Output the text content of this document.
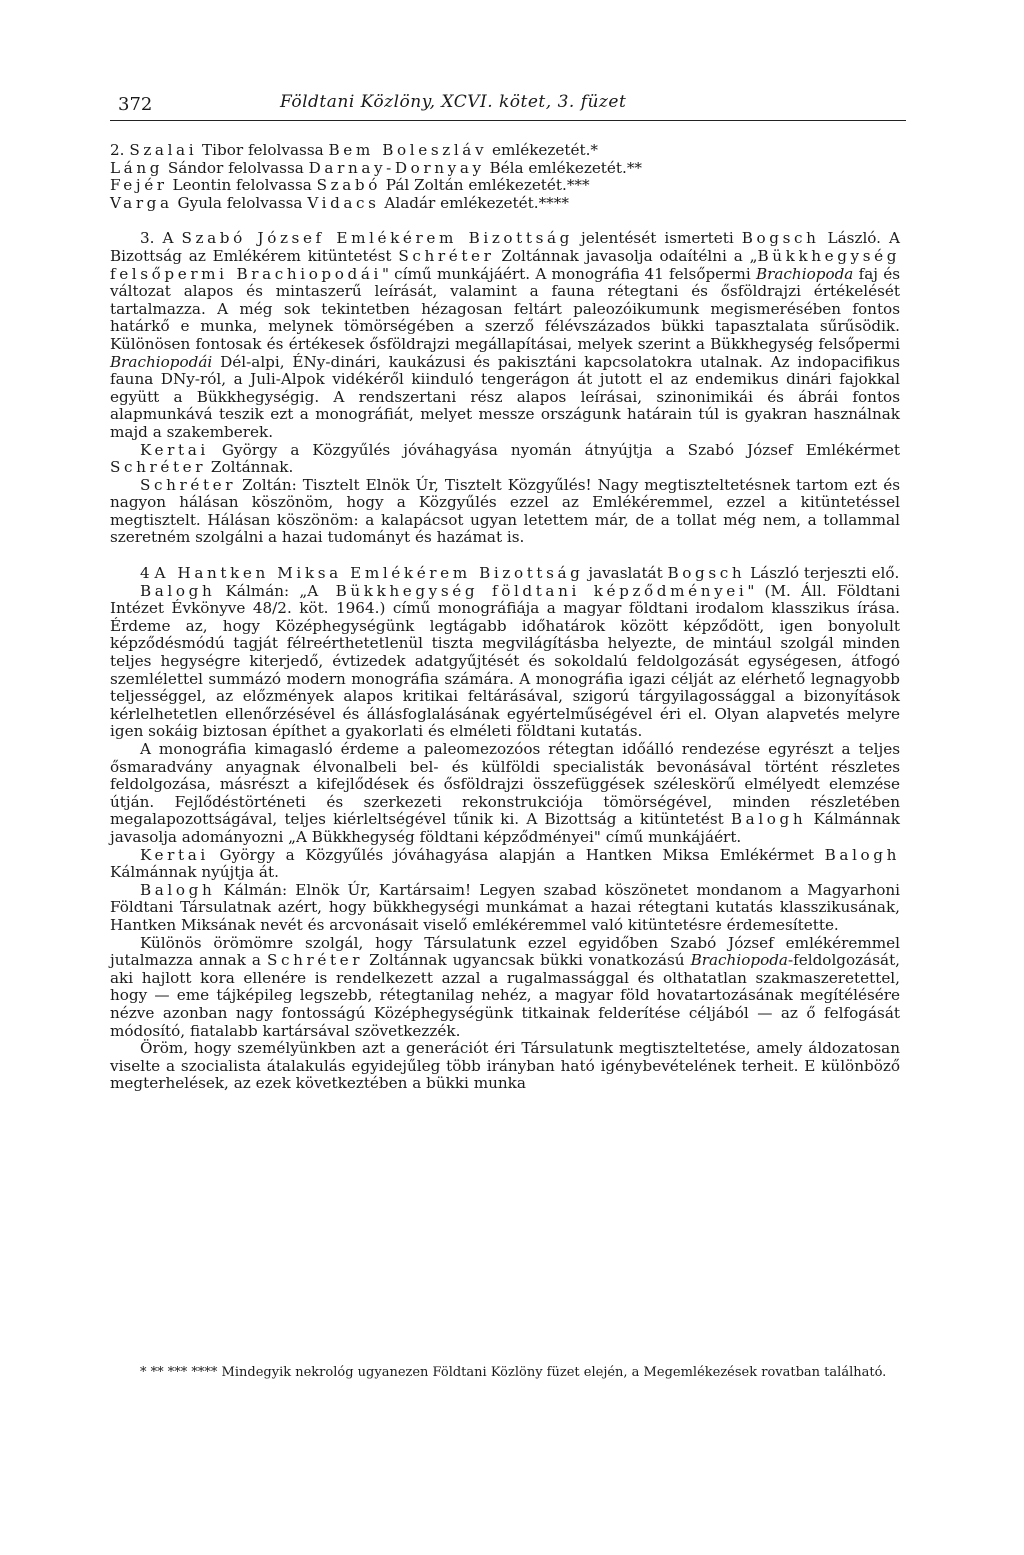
372	Földtani Közlöny, XCVI. kötet, 3. füzet

2. Szalai Tibor felolvassa Bem Boleszláv emlékezetét.*

Láng Sándor felolvassa Darnay-Dornyay Béla emlékezetét.**

Fejér Leontin felolvassa Szabó Pál Zoltán emlékezetét.***

Varga Gyula felolvassa Vidacs Aladár emlékezetét.****

3. A Szabó József Emlékérem Bizottság jelentését ismerteti Bogsch László. A Bizottság az Emlékérem kitüntetést Schréter Zoltánnak javasolja odaítélni a „Bükkhegység felsőpermi Brachiopodái" című munkájáért. A monográfia 41 felsőpermi Brachiopoda faj és változat alapos és mintaszerű leírását, valamint a fauna rétegtani és ősföldrajzi értékelését tartalmazza. A még sok tekintetben hézagosan feltárt paleozóikumunk megismerésében fontos határkő e munka, melynek tömörségében a szerző félévszázados bükki tapasztalata sűrűsödik. Különösen fontosak és értékesek ősföldrajzi megállapításai, melyek szerint a Bükkhegység felsőpermi Brachiopodái Dél-alpi, ÉNy-dinári, kaukázusi és pakisztáni kapcsolatokra utalnak. Az indopacifikus fauna DNy-ról, a Juli-Alpok vidékéről kiinduló tengerágon át jutott el az endemikus dinári fajokkal együtt a Bükkhegységig. A rendszertani rész alapos leírásai, szinonimikái és ábrái fontos alapmunkává teszik ezt a monográfiát, melyet messze országunk határain túl is gyakran használnak majd a szakemberek.

Kertai György a Közgyűlés jóváhagyása nyomán átnyújtja a Szabó József Emlékérmet Schréter Zoltánnak.

Schréter Zoltán: Tisztelt Elnök Úr, Tisztelt Közgyűlés! Nagy megtiszteltetésnek tartom ezt és nagyon hálásan köszönöm, hogy a Közgyűlés ezzel az Emlékéremmel, ezzel a kitüntetéssel megtisztelt. Hálásan köszönöm: a kalapácsot ugyan letettem már, de a tollat még nem, a tollammal szeretném szolgálni a hazai tudományt és hazámat is.

4 A Hantken Miksa Emlékérem Bizottság javaslatát Bogsch László terjeszti elő.

Balogh Kálmán: „A Bükkhegység földtani képződményei" (M. Áll. Földtani Intézet Évkönyve 48/2. köt. 1964.) című monográfiája a magyar földtani irodalom klasszikus írása. Érdeme az, hogy Középhegységünk legtágabb időhatárok között képződött, igen bonyolult képződésmódú tagját félreérthetetlenül tiszta megvilágításba helyezte, de mintául szolgál minden teljes hegységre kiterjedő, évtizedek adatgyűjtését és sokoldalú feldolgozását egységesen, átfogó szemlélettel summázó modern monográfia számára. A monográfia igazi célját az elérhető legnagyobb teljességgel, az előzmények alapos kritikai feltárásával, szigorú tárgyilagossággal a bizonyítások kérlelhetetlen ellenőrzésével és állásfoglalásának egyértelműségével éri el. Olyan alapvetés melyre igen sokáig biztosan építhet a gyakorlati és elméleti földtani kutatás.

A monográfia kimagasló érdeme a paleomezozóos rétegtan időálló rendezése egyrészt a teljes ősmaradvány anyagnak élvonalbeli bel- és külföldi specialisták bevonásával történt részletes feldolgozása, másrészt a kifejlődések és ősföldrajzi összefüggések széleskörű elmélyedt elemzése útján. Fejlődéstörténeti és szerkezeti rekonstrukciója tömörségével, minden részletében megalapozottságával, teljes kiérleltségével tűnik ki. A Bizottság a kitüntetést Balogh Kálmánnak javasolja adományozni „A Bükkhegység földtani képződményei" című munkájáért.

Kertai György a Közgyűlés jóváhagyása alapján a Hantken Miksa Emlékérmet Balogh Kálmánnak nyújtja át.

Balogh Kálmán: Elnök Úr, Kartársaim! Legyen szabad köszönetet mondanom a Magyarhoni Földtani Társulatnak azért, hogy bükkhegységi munkámat a hazai rétegtani kutatás klasszikusának, Hantken Miksának nevét és arcvonásait viselő emlékéremmel való kitüntetésre érdemesítette.

Különös örömömre szolgál, hogy Társulatunk ezzel egyidőben Szabó József emlékéremmel jutalmazza annak a Schréter Zoltánnak ugyancsak bükki vonatkozású Brachiopoda-feldolgozását, aki hajlott kora ellenére is rendelkezett azzal a rugalmassággal és olthatatlan szakmaszeretettel, hogy — eme tájképileg legszebb, rétegtanilag nehéz, a magyar föld hovatartozásának megítélésére nézve azonban nagy fontosságú Középhegységünk titkainak felderítése céljából — az ő felfogását módosító, fiatalabb kartársával szövetkezzék.

Öröm, hogy személyünkben azt a generációt éri Társulatunk megtiszteltetése, amely áldozatosan viselte a szocialista átalakulás egyidejűleg több irányban ható igénybevételének terheit. E különböző megterhelések, az ezek következtében a bükki munka

* ** *** **** Mindegyik nekrológ ugyanezen Földtani Közlöny füzet elején, a Megemlékezések rovatban található.
